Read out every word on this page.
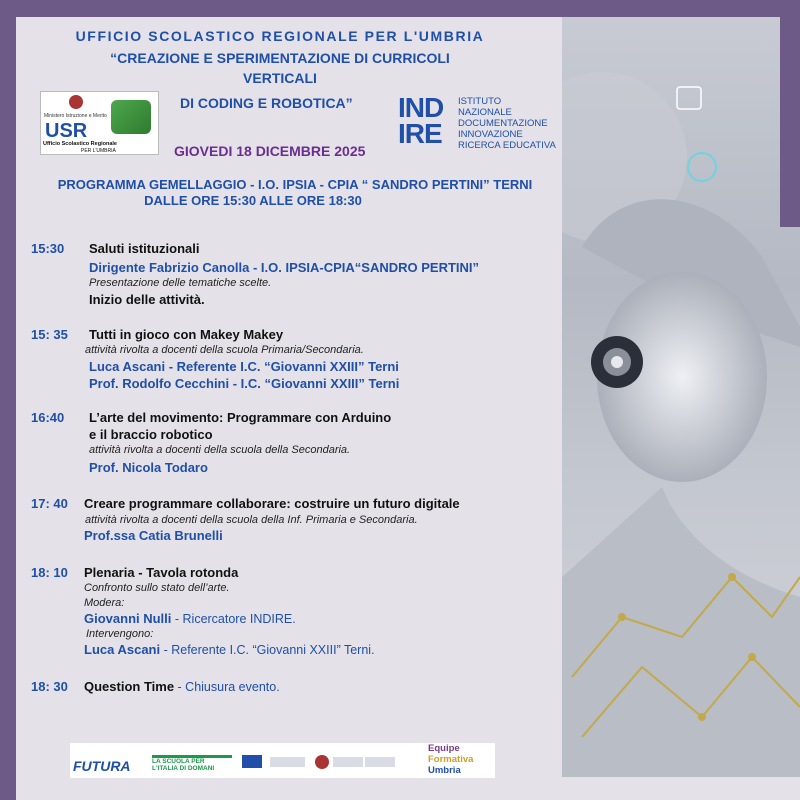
UFFICIO SCOLASTICO REGIONALE PER L'UMBRIA
“CREAZIONE E SPERIMENTAZIONE DI CURRICOLI
VERTICALI
DI CODING E ROBOTICA”
Ministero Istruzione e Merito
USR
Ufficio Scolastico Regionale
PER L'UMBRIA
IND
IRE
ISTITUTO
NAZIONALE
DOCUMENTAZIONE
INNOVAZIONE
RICERCA EDUCATIVA
GIOVEDI 18 DICEMBRE 2025
PROGRAMMA GEMELLAGGIO - I.O. IPSIA - CPIA “ SANDRO PERTINI” TERNI
DALLE ORE 15:30 ALLE ORE 18:30
15:30 Saluti istituzionali
Dirigente Fabrizio Canolla - I.O. IPSIA-CPIA“SANDRO PERTINI”
Presentazione delle tematiche scelte.
Inizio delle attività.
15: 35 Tutti in gioco con Makey Makey
attività rivolta a docenti della scuola Primaria/Secondaria.
Luca Ascani - Referente I.C. “Giovanni XXIII” Terni
Prof. Rodolfo Cecchini - I.C. “Giovanni XXIII” Terni
16:40 L’arte del movimento: Programmare con Arduino
e il braccio robotico
attività rivolta a docenti della scuola della Secondaria.
Prof. Nicola Todaro
17: 40 Creare programmare collaborare: costruire un futuro digitale
attività rivolta a docenti della scuola della Inf. Primaria e Secondaria.
Prof.ssa Catia Brunelli
18: 10 Plenaria - Tavola rotonda
Confronto sullo stato dell’arte.
Modera:
Giovanni Nulli - Ricercatore INDIRE.
Intervengono:
Luca Ascani - Referente I.C. “Giovanni XXIII” Terni.
18: 30 Question Time - Chiusura evento.
FUTURA	LA SCUOLA PER L'ITALIA DI DOMANI
Equipe
Formativa
Umbria
